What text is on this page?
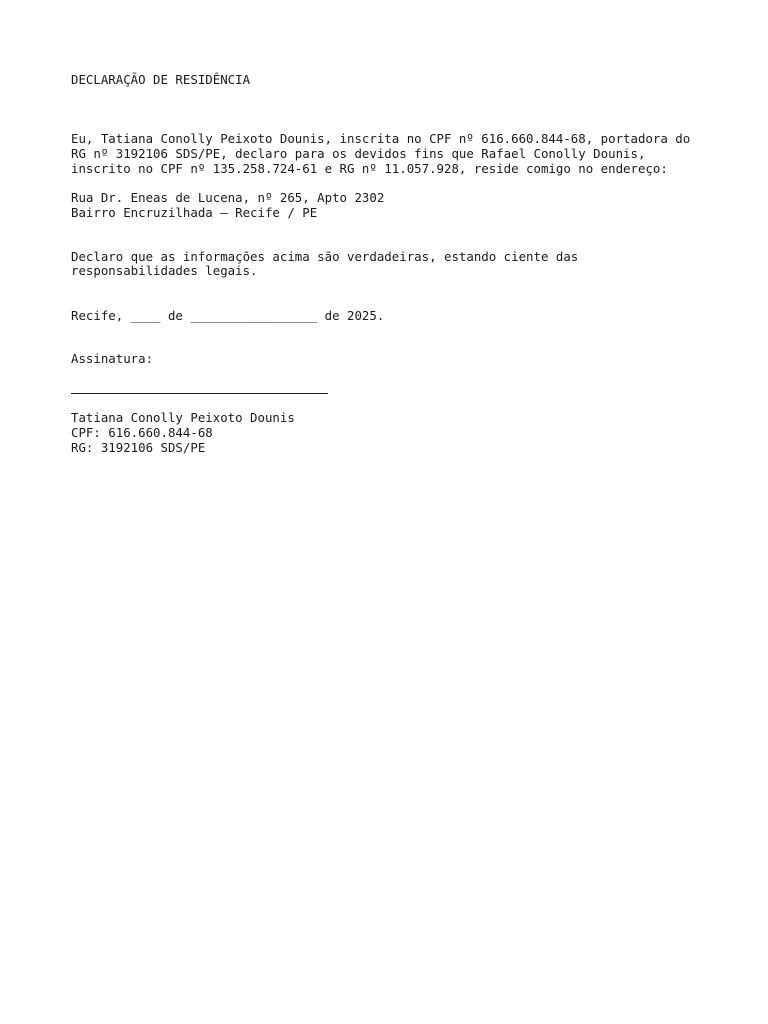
DECLARAÇÃO DE RESIDÊNCIA

Eu, Tatiana Conolly Peixoto Dounis, inscrita no CPF nº 616.660.844-68, portadora do

RG nº 3192106 SDS/PE, declaro para os devidos fins que Rafael Conolly Dounis,

inscrito no CPF nº 135.258.724-61 e RG nº 11.057.928, reside comigo no endereço:

Rua Dr. Eneas de Lucena, nº 265, Apto 2302

Bairro Encruzilhada – Recife / PE

Declaro que as informações acima são verdadeiras, estando ciente das

responsabilidades legais.

Recife, ____ de _________________ de 2025.

Assinatura:

Tatiana Conolly Peixoto Dounis

CPF: 616.660.844-68

RG: 3192106 SDS/PE
